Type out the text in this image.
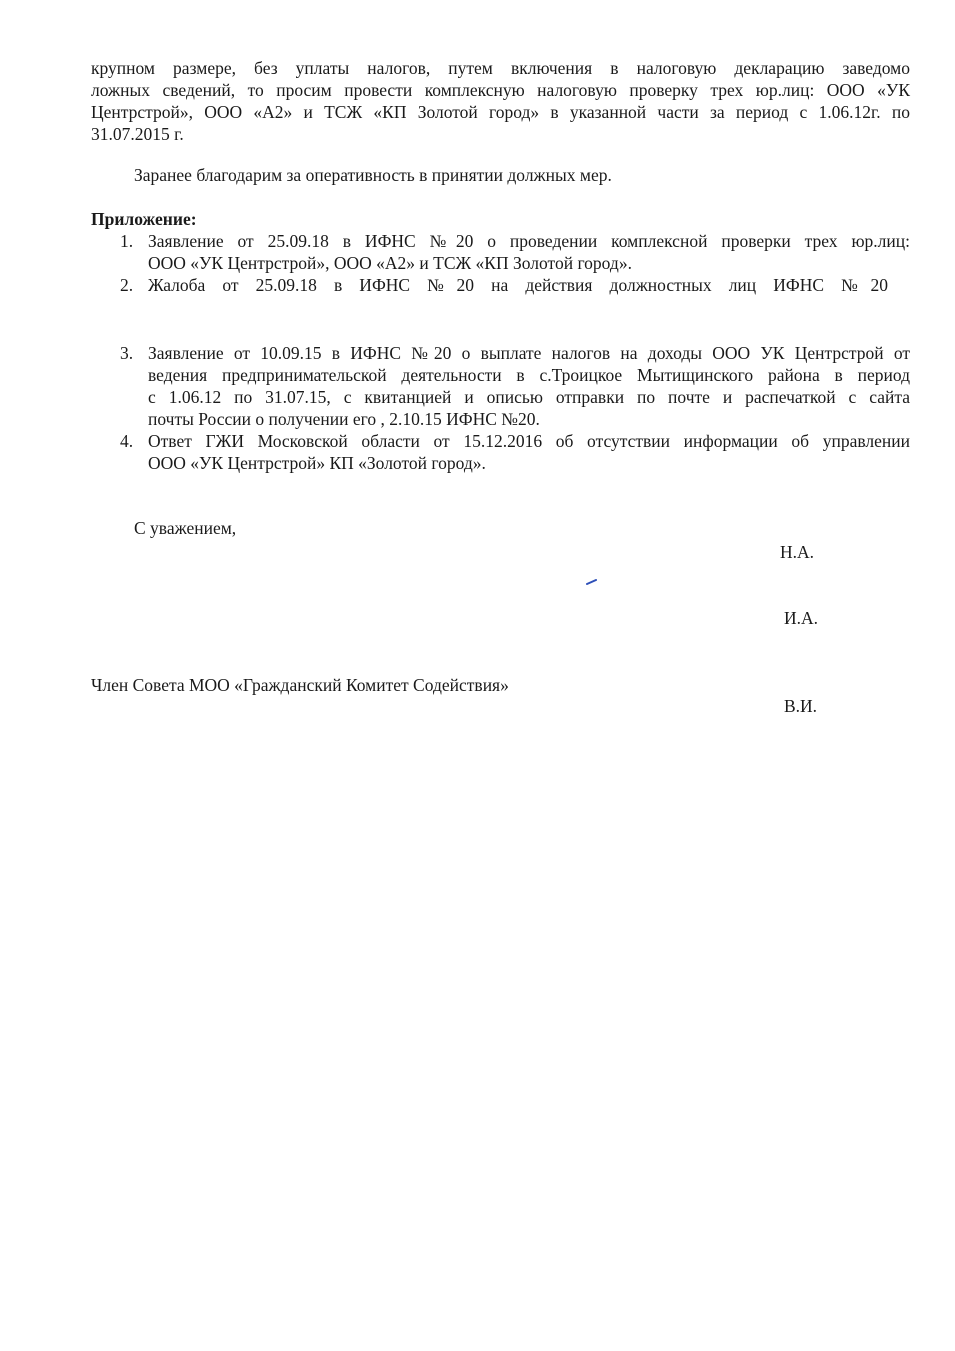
крупном размере, без уплаты налогов, путем включения в налоговую декларацию заведомо
ложных сведений, то просим провести комплексную налоговую проверку трех юр.лиц: ООО «УК
Центрстрой», ООО «А2» и ТСЖ «КП Золотой город» в указанной части за период с 1.06.12г. по
31.07.2015 г.

Заранее благодарим за оперативность в принятии должных мер.

Приложение:

1. Заявление от 25.09.18 в ИФНС №20 о проведении комплексной проверки трех юр.лиц:
ООО «УК Центрстрой», ООО «А2» и ТСЖ «КП Золотой город».
2. Жалоба от 25.09.18 в ИФНС №20 на действия должностных лиц ИФНС №20
3. Заявление от 10.09.15 в ИФНС №20 о выплате налогов на доходы ООО УК Центрстрой от
ведения предпринимательской деятельности в с.Троицкое Мытищинского района в период
с 1.06.12 по 31.07.15, с квитанцией и описью отправки по почте и распечаткой с сайта
почты России о получении его , 2.10.15 ИФНС №20.
4. Ответ ГЖИ Московской области от 15.12.2016 об отсутствии информации об управлении
ООО «УК Центрстрой» КП «Золотой город».

С уважением,

Н.А.

И.А.

Член Совета МОО «Гражданский Комитет Содействия»

В.И.
